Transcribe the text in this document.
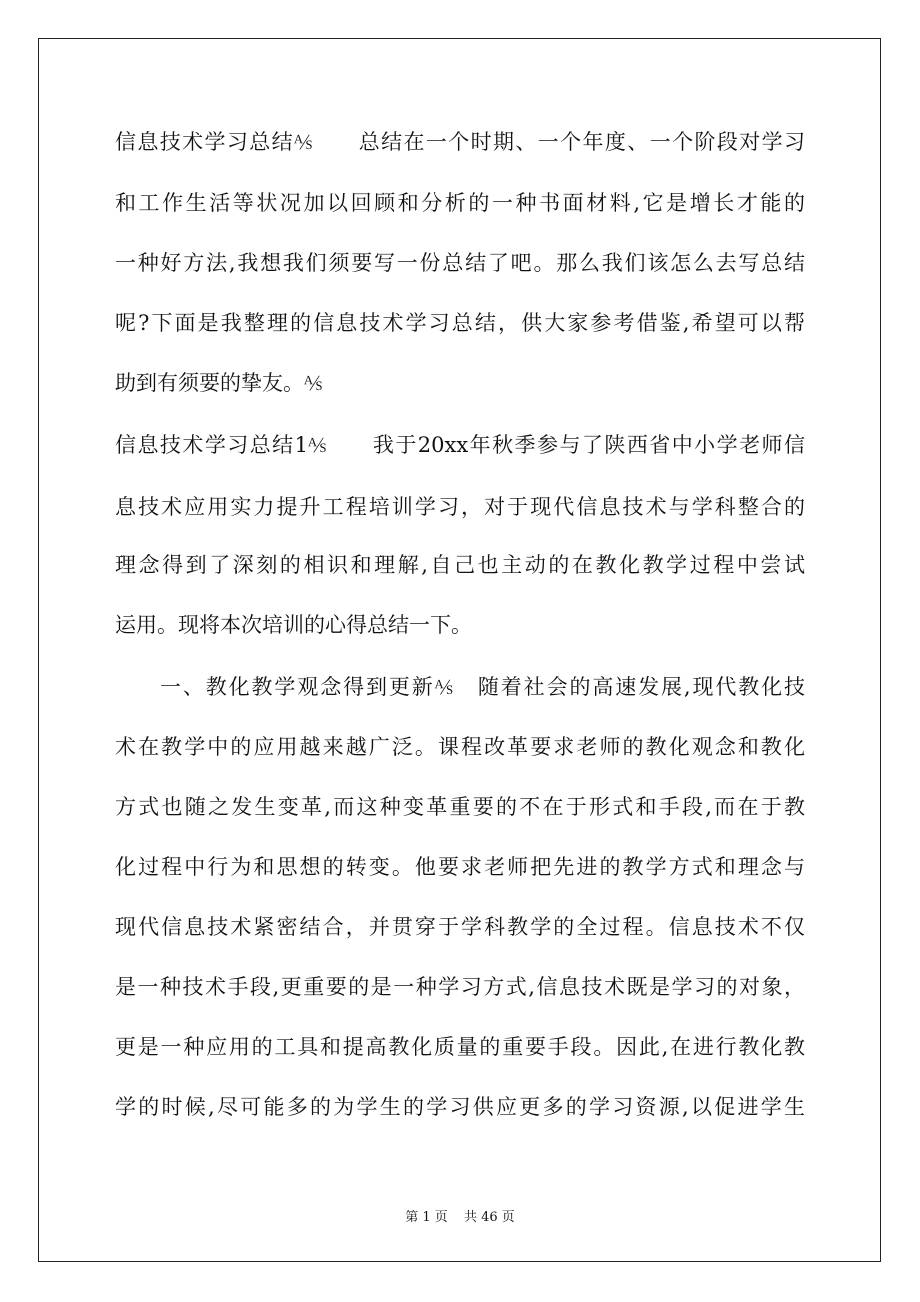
信息技术学习总结⅍　　总结在一个时期、一个年度、一个阶段对学习
和工作生活等状况加以回顾和分析的一种书面材料,它是增长才能的
一种好方法,我想我们须要写一份总结了吧。那么我们该怎么去写总结
呢?下面是我整理的信息技术学习总结，供大家参考借鉴,希望可以帮
助到有须要的挚友。⅍
信息技术学习总结1⅍　　我于20xx年秋季参与了陕西省中小学老师信
息技术应用实力提升工程培训学习，对于现代信息技术与学科整合的
理念得到了深刻的相识和理解,自己也主动的在教化教学过程中尝试
运用。现将本次培训的心得总结一下。
一、教化教学观念得到更新⅍　随着社会的高速发展,现代教化技
术在教学中的应用越来越广泛。课程改革要求老师的教化观念和教化
方式也随之发生变革,而这种变革重要的不在于形式和手段,而在于教
化过程中行为和思想的转变。他要求老师把先进的教学方式和理念与
现代信息技术紧密结合，并贯穿于学科教学的全过程。信息技术不仅
是一种技术手段,更重要的是一种学习方式,信息技术既是学习的对象，
更是一种应用的工具和提高教化质量的重要手段。因此,在进行教化教
学的时候,尽可能多的为学生的学习供应更多的学习资源,以促进学生
第 1 页 共 46 页
